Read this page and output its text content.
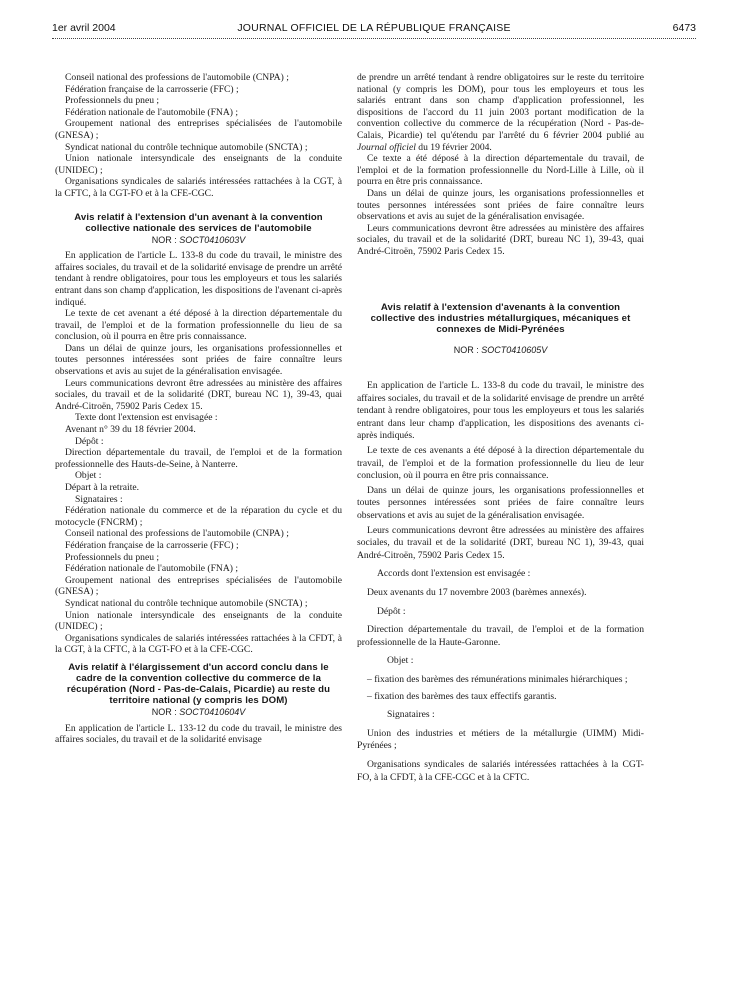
1er avril 2004	JOURNAL OFFICIEL DE LA RÉPUBLIQUE FRANÇAISE	6473

Conseil national des professions de l'automobile (CNPA) ;

Fédération française de la carrosserie (FFC) ;

Professionnels du pneu ;

Fédération nationale de l'automobile (FNA) ;

Groupement national des entreprises spécialisées de l'automobile (GNESA) ;

Syndicat national du contrôle technique automobile (SNCTA) ;

Union nationale intersyndicale des enseignants de la conduite (UNIDEC) ;

Organisations syndicales de salariés intéressées rattachées à la CGT, à la CFTC, à la CGT-FO et à la CFE-CGC.

Avis relatif à l'extension d'un avenant à la convention collective nationale des services de l'automobile
NOR : SOCT0410603V

En application de l'article L. 133-8 du code du travail, le ministre des affaires sociales, du travail et de la solidarité envisage de prendre un arrêté tendant à rendre obligatoires, pour tous les employeurs et tous les salariés entrant dans son champ d'application, les dispositions de l'avenant ci-après indiqué.

Le texte de cet avenant a été déposé à la direction départementale du travail, de l'emploi et de la formation professionnelle du lieu de sa conclusion, où il pourra en être pris connaissance.

Dans un délai de quinze jours, les organisations professionnelles et toutes personnes intéressées sont priées de faire connaître leurs observations et avis au sujet de la généralisation envisagée.

Leurs communications devront être adressées au ministère des affaires sociales, du travail et de la solidarité (DRT, bureau NC 1), 39-43, quai André-Citroën, 75902 Paris Cedex 15.

Texte dont l'extension est envisagée :

Avenant n° 39 du 18 février 2004.

Dépôt :

Direction départementale du travail, de l'emploi et de la formation professionnelle des Hauts-de-Seine, à Nanterre.

Objet :

Départ à la retraite.

Signataires :

Fédération nationale du commerce et de la réparation du cycle et du motocycle (FNCRM) ;

Conseil national des professions de l'automobile (CNPA) ;

Fédération française de la carrosserie (FFC) ;

Professionnels du pneu ;

Fédération nationale de l'automobile (FNA) ;

Groupement national des entreprises spécialisées de l'automobile (GNESA) ;

Syndicat national du contrôle technique automobile (SNCTA) ;

Union nationale intersyndicale des enseignants de la conduite (UNIDEC) ;

Organisations syndicales de salariés intéressées rattachées à la CFDT, à la CGT, à la CFTC, à la CGT-FO et à la CFE-CGC.

Avis relatif à l'élargissement d'un accord conclu dans le cadre de la convention collective du commerce de la récupération (Nord - Pas-de-Calais, Picardie) au reste du territoire national (y compris les DOM)
NOR : SOCT0410604V

En application de l'article L. 133-12 du code du travail, le ministre des affaires sociales, du travail et de la solidarité envisage

de prendre un arrêté tendant à rendre obligatoires sur le reste du territoire national (y compris les DOM), pour tous les employeurs et tous les salariés entrant dans son champ d'application professionnel, les dispositions de l'accord du 11 juin 2003 portant modification de la convention collective du commerce de la récupération (Nord - Pas-de-Calais, Picardie) tel qu'étendu par l'arrêté du 6 février 2004 publié au Journal officiel du 19 février 2004.

Ce texte a été déposé à la direction départementale du travail, de l'emploi et de la formation professionnelle du Nord-Lille à Lille, où il pourra en être pris connaissance.

Dans un délai de quinze jours, les organisations professionnelles et toutes personnes intéressées sont priées de faire connaître leurs observations et avis au sujet de la généralisation envisagée.

Leurs communications devront être adressées au ministère des affaires sociales, du travail et de la solidarité (DRT, bureau NC 1), 39-43, quai André-Citroën, 75902 Paris Cedex 15.

Avis relatif à l'extension d'avenants à la convention collective des industries métallurgiques, mécaniques et connexes de Midi-Pyrénées
NOR : SOCT0410605V

En application de l'article L. 133-8 du code du travail, le ministre des affaires sociales, du travail et de la solidarité envisage de prendre un arrêté tendant à rendre obligatoires, pour tous les employeurs et tous les salariés entrant dans leur champ d'application, les dispositions des avenants ci-après indiqués.

Le texte de ces avenants a été déposé à la direction départementale du travail, de l'emploi et de la formation professionnelle du lieu de leur conclusion, où il pourra en être pris connaissance.

Dans un délai de quinze jours, les organisations professionnelles et toutes personnes intéressées sont priées de faire connaître leurs observations et avis au sujet de la généralisation envisagée.

Leurs communications devront être adressées au ministère des affaires sociales, du travail et de la solidarité (DRT, bureau NC 1), 39-43, quai André-Citroën, 75902 Paris Cedex 15.

Accords dont l'extension est envisagée :

Deux avenants du 17 novembre 2003 (barèmes annexés).

Dépôt :

Direction départementale du travail, de l'emploi et de la formation professionnelle de la Haute-Garonne.

Objet :

– fixation des barèmes des rémunérations minimales hiérarchiques ;

– fixation des barèmes des taux effectifs garantis.

Signataires :

Union des industries et métiers de la métallurgie (UIMM) Midi-Pyrénées ;

Organisations syndicales de salariés intéressées rattachées à la CGT-FO, à la CFDT, à la CFE-CGC et à la CFTC.
